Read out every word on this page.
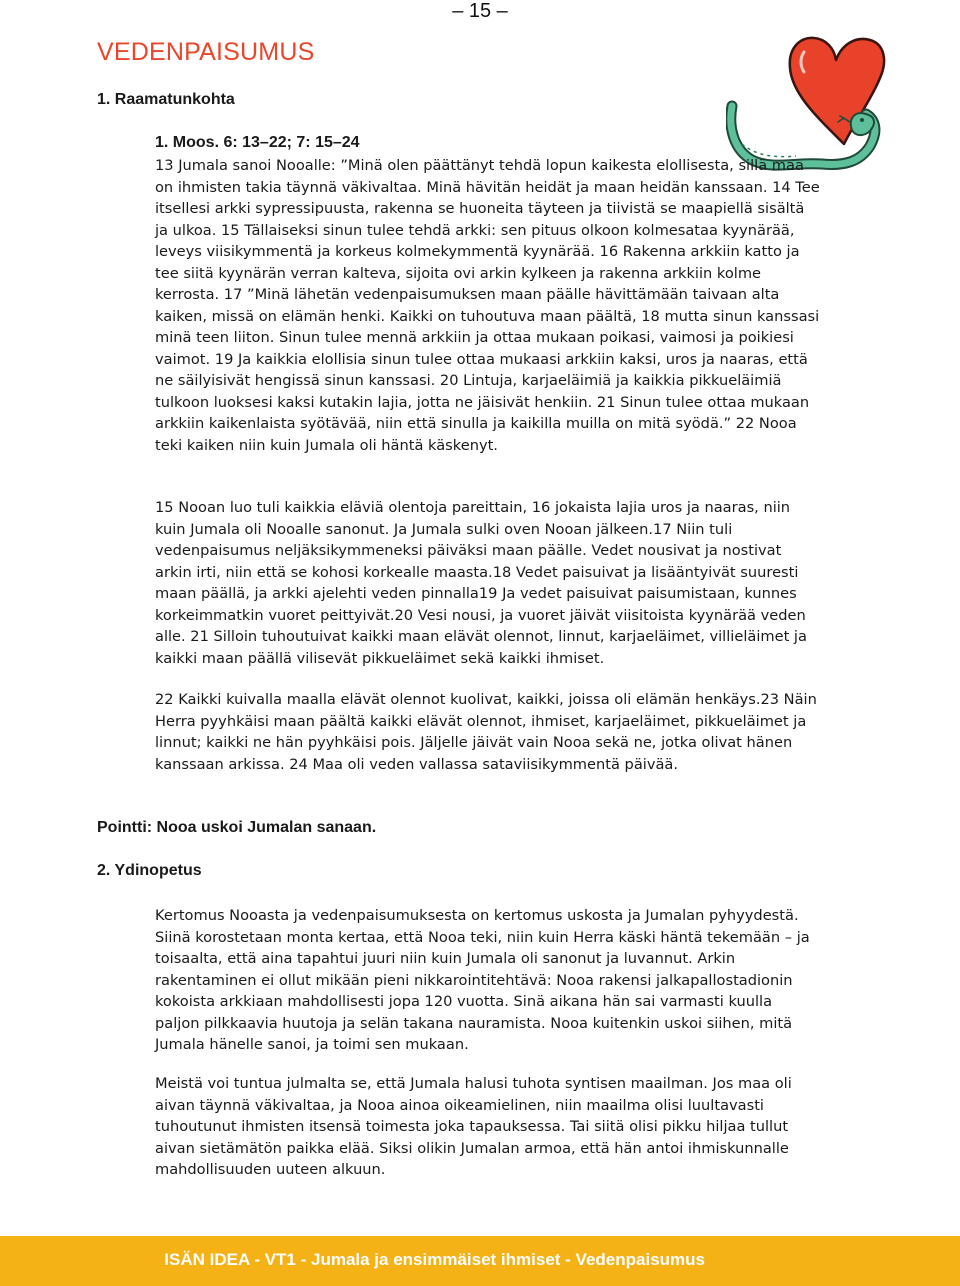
– 15 –
VEDENPAISUMUS
1. Raamatunkohta
1. Moos. 6: 13–22; 7: 15–24

13 Jumala sanoi Nooalle: ”Minä olen päättänyt tehdä lopun kaikesta elollisesta, sillä maa on ihmisten takia täynnä väkivaltaa. Minä hävitän heidät ja maan heidän kanssaan. 14 Tee itsellesi arkki sypressipuusta, rakenna se huoneita täyteen ja tiivistä se maapiellä sisältä ja ulkoa. 15 Tällaiseksi sinun tulee tehdä arkki: sen pituus olkoon kolmesataa kyynärää, leveys viisikymmentä ja korkeus kolmekymmentä kyynärää. 16 Rakenna arkkiin katto ja tee siitä kyynärän verran kalteva, sijoita ovi arkin kylkeen ja rakenna arkkiin kolme kerrosta. 17 ”Minä lähetän vedenpaisumuksen maan päälle hävittämään taivaan alta kaiken, missä on elämän henki. Kaikki on tuhoutuva maan päältä, 18 mutta sinun kanssasi minä teen liiton. Sinun tulee mennä arkkiin ja ottaa mukaan poikasi, vaimosi ja poikiesi vaimot. 19 Ja kaikkia elollisia sinun tulee ottaa mukaasi arkkiin kaksi, uros ja naaras, että ne säilyisivät hengissä sinun kanssasi. 20 Lintuja, karjaeläimiä ja kaikkia pikkueläimiä tulkoon luoksesi kaksi kutakin lajia, jotta ne jäisivät henkiin. 21 Sinun tulee ottaa mukaan arkkiin kaikenlaista syötävää, niin että sinulla ja kaikilla muilla on mitä syödä.” 22 Nooa teki kaiken niin kuin Jumala oli häntä käskenyt.

15 Nooan luo tuli kaikkia eläviä olentoja pareittain, 16 jokaista lajia uros ja naaras, niin kuin Jumala oli Nooalle sanonut. Ja Jumala sulki oven Nooan jälkeen.17 Niin tuli vedenpaisumus neljäksikymmeneksi päiväksi maan päälle. Vedet nousivat ja nostivat arkin irti, niin että se kohosi korkealle maasta.18 Vedet paisuivat ja lisääntyivät suuresti maan päällä, ja arkki ajelehti veden pinnalla19 Ja vedet paisuivat paisumistaan, kunnes korkeimmatkin vuoret peittyivät.20 Vesi nousi, ja vuoret jäivät viisitoista kyynärää veden alle. 21 Silloin tuhoutuivat kaikki maan elävät olennot, linnut, karjaeläimet, villieläimet ja kaikki maan päällä vilisevät pikkueläimet sekä kaikki ihmiset.

22 Kaikki kuivalla maalla elävät olennot kuolivat, kaikki, joissa oli elämän henkäys.23 Näin Herra pyyhkäisi maan päältä kaikki elävät olennot, ihmiset, karjaeläimet, pikkueläimet ja linnut; kaikki ne hän pyyhkäisi pois. Jäljelle jäivät vain Nooa sekä ne, jotka olivat hänen kanssaan arkissa. 24 Maa oli veden vallassa sataviisikymmentä päivää.

Pointti: Nooa uskoi Jumalan sanaan.
2. Ydinopetus

Kertomus Nooasta ja vedenpaisumuksesta on kertomus uskosta ja Jumalan pyhyydestä. Siinä korostetaan monta kertaa, että Nooa teki, niin kuin Herra käski häntä tekemään – ja toisaalta, että aina tapahtui juuri niin kuin Jumala oli sanonut ja luvannut. Arkin rakentaminen ei ollut mikään pieni nikkarointitehtävä: Nooa rakensi jalkapallostadionin kokoista arkkiaan mahdollisesti jopa 120 vuotta. Sinä aikana hän sai varmasti kuulla paljon pilkkaavia huutoja ja selän takana nauramista. Nooa kuitenkin uskoi siihen, mitä Jumala hänelle sanoi, ja toimi sen mukaan.

Meistä voi tuntua julmalta se, että Jumala halusi tuhota syntisen maailman. Jos maa oli aivan täynnä väkivaltaa, ja Nooa ainoa oikeamielinen, niin maailma olisi luultavasti tuhoutunut ihmisten itsensä toimesta joka tapauksessa. Tai siitä olisi pikku hiljaa tullut aivan sietämätön paikka elää. Siksi olikin Jumalan armoa, että hän antoi ihmiskunnalle mahdollisuuden uuteen alkuun.

ISÄN IDEA - VT1 - Jumala ja ensimmäiset ihmiset - Vedenpaisumus
